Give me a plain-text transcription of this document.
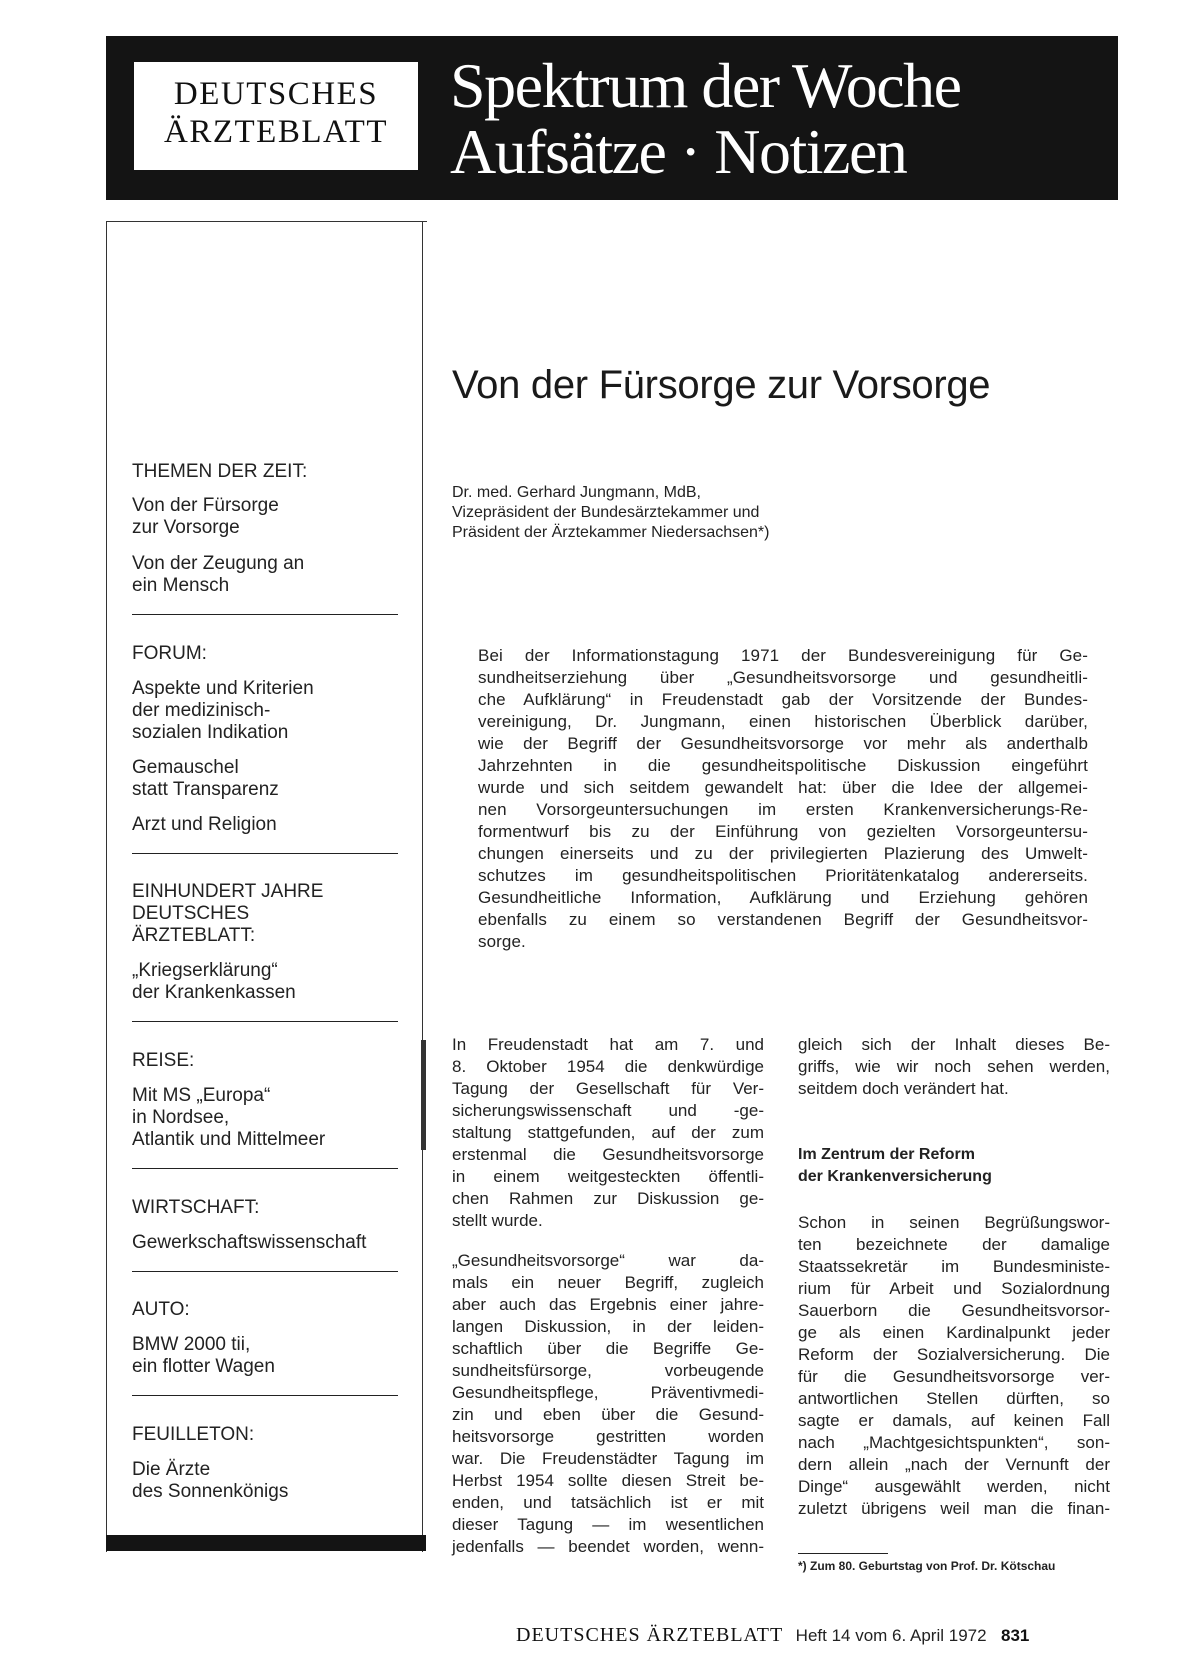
DEUTSCHES
ÄRZTEBLATT
Spektrum der Woche
Aufsätze · Notizen
THEMEN DER ZEIT:
Von der Fürsorge
zur Vorsorge
Von der Zeugung an
ein Mensch
FORUM:
Aspekte und Kriterien
der medizinisch-
sozialen Indikation
Gemauschel
statt Transparenz
Arzt und Religion
EINHUNDERT JAHRE
DEUTSCHES
ÄRZTEBLATT:
„Kriegserklärung“
der Krankenkassen
REISE:
Mit MS „Europa“
in Nordsee,
Atlantik und Mittelmeer
WIRTSCHAFT:
Gewerkschaftswissenschaft
AUTO:
BMW 2000 tii,
ein flotter Wagen
FEUILLETON:
Die Ärzte
des Sonnenkönigs
Von der Fürsorge zur Vorsorge
Dr. med. Gerhard Jungmann, MdB,
Vizepräsident der Bundesärztekammer und
Präsident der Ärztekammer Niedersachsen*)
Bei der Informationstagung 1971 der Bundesvereinigung für Ge-
sundheitserziehung über „Gesundheitsvorsorge und gesundheitli-
che Aufklärung“ in Freudenstadt gab der Vorsitzende der Bundes-
vereinigung, Dr. Jungmann, einen historischen Überblick darüber,
wie der Begriff der Gesundheitsvorsorge vor mehr als anderthalb
Jahrzehnten in die gesundheitspolitische Diskussion eingeführt
wurde und sich seitdem gewandelt hat: über die Idee der allgemei-
nen Vorsorgeuntersuchungen im ersten Krankenversicherungs-Re-
formentwurf bis zu der Einführung von gezielten Vorsorgeuntersu-
chungen einerseits und zu der privilegierten Plazierung des Umwelt-
schutzes im gesundheitspolitischen Prioritätenkatalog andererseits.
Gesundheitliche Information, Aufklärung und Erziehung gehören
ebenfalls zu einem so verstandenen Begriff der Gesundheitsvor-
sorge.
In Freudenstadt hat am 7. und
8. Oktober 1954 die denkwürdige
Tagung der Gesellschaft für Ver-
sicherungswissenschaft und -ge-
staltung stattgefunden, auf der zum
erstenmal die Gesundheitsvorsorge
in einem weitgesteckten öffentli-
chen Rahmen zur Diskussion ge-
stellt wurde.
„Gesundheitsvorsorge“ war da-
mals ein neuer Begriff, zugleich
aber auch das Ergebnis einer jahre-
langen Diskussion, in der leiden-
schaftlich über die Begriffe Ge-
sundheitsfürsorge, vorbeugende
Gesundheitspflege, Präventivmedi-
zin und eben über die Gesund-
heitsvorsorge gestritten worden
war. Die Freudenstädter Tagung im
Herbst 1954 sollte diesen Streit be-
enden, und tatsächlich ist er mit
dieser Tagung — im wesentlichen
jedenfalls — beendet worden, wenn-
gleich sich der Inhalt dieses Be-
griffs, wie wir noch sehen werden,
seitdem doch verändert hat.
Im Zentrum der Reform
der Krankenversicherung
Schon in seinen Begrüßungswor-
ten bezeichnete der damalige
Staatssekretär im Bundesministe-
rium für Arbeit und Sozialordnung
Sauerborn die Gesundheitsvorsor-
ge als einen Kardinalpunkt jeder
Reform der Sozialversicherung. Die
für die Gesundheitsvorsorge ver-
antwortlichen Stellen dürften, so
sagte er damals, auf keinen Fall
nach „Machtgesichtspunkten“, son-
dern allein „nach der Vernunft der
Dinge“ ausgewählt werden, nicht
zuletzt übrigens weil man die finan-
*) Zum 80. Geburtstag von Prof. Dr. Kötschau
DEUTSCHES ÄRZTEBLATT Heft 14 vom 6. April 1972 831
